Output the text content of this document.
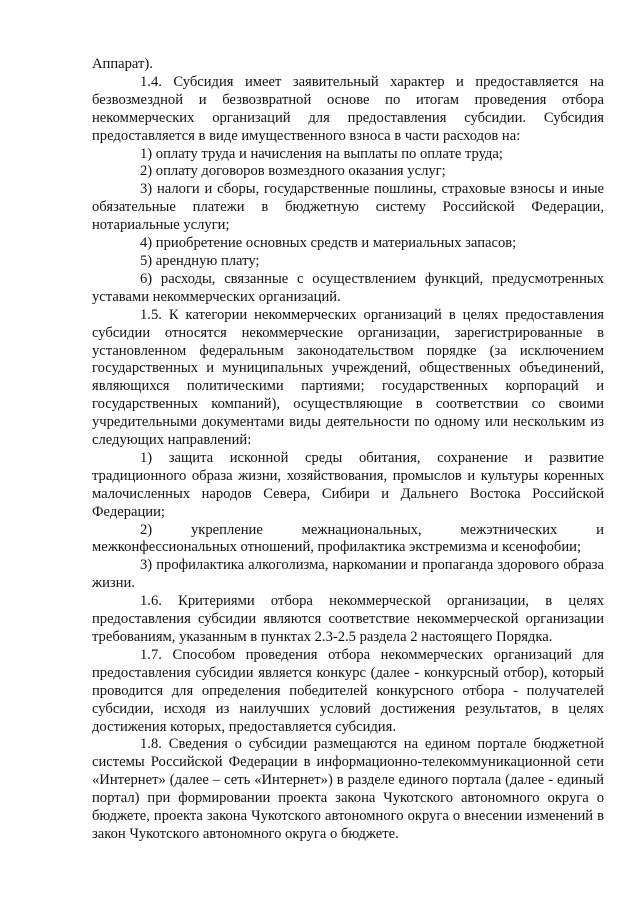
Аппарат).

1.4. Субсидия имеет заявительный характер и предоставляется на безвозмездной и безвозвратной основе по итогам проведения отбора некоммерческих организаций для предоставления субсидии. Субсидия предоставляется в виде имущественного взноса в части расходов на:

1) оплату труда и начисления на выплаты по оплате труда;

2) оплату договоров возмездного оказания услуг;

3) налоги и сборы, государственные пошлины, страховые взносы и иные обязательные платежи в бюджетную систему Российской Федерации, нотариальные услуги;

4) приобретение основных средств и материальных запасов;

5) арендную плату;

6) расходы, связанные с осуществлением функций, предусмотренных уставами некоммерческих организаций.

1.5. К категории некоммерческих организаций в целях предоставления субсидии относятся некоммерческие организации, зарегистрированные в установленном федеральным законодательством порядке (за исключением государственных и муниципальных учреждений, общественных объединений, являющихся политическими партиями; государственных корпораций и государственных компаний), осуществляющие в соответствии со своими учредительными документами виды деятельности по одному или нескольким из следующих направлений:

1) защита исконной среды обитания, сохранение и развитие традиционного образа жизни, хозяйствования, промыслов и культуры коренных малочисленных народов Севера, Сибири и Дальнего Востока Российской Федерации;

2) укрепление межнациональных, межэтнических и межконфессиональных отношений, профилактика экстремизма и ксенофобии;

3) профилактика алкоголизма, наркомании и пропаганда здорового образа жизни.

1.6. Критериями отбора некоммерческой организации, в целях предоставления субсидии являются соответствие некоммерческой организации требованиям, указанным в пунктах 2.3-2.5 раздела 2 настоящего Порядка.

1.7. Способом проведения отбора некоммерческих организаций для предоставления субсидии является конкурс (далее - конкурсный отбор), который проводится для определения победителей конкурсного отбора - получателей субсидии, исходя из наилучших условий достижения результатов, в целях достижения которых, предоставляется субсидия.

1.8. Сведения о субсидии размещаются на едином портале бюджетной системы Российской Федерации в информационно-телекоммуникационной сети «Интернет» (далее – сеть «Интернет») в разделе единого портала (далее - единый портал) при формировании проекта закона Чукотского автономного округа о бюджете, проекта закона Чукотского автономного округа о внесении изменений в закон Чукотского автономного округа о бюджете.
